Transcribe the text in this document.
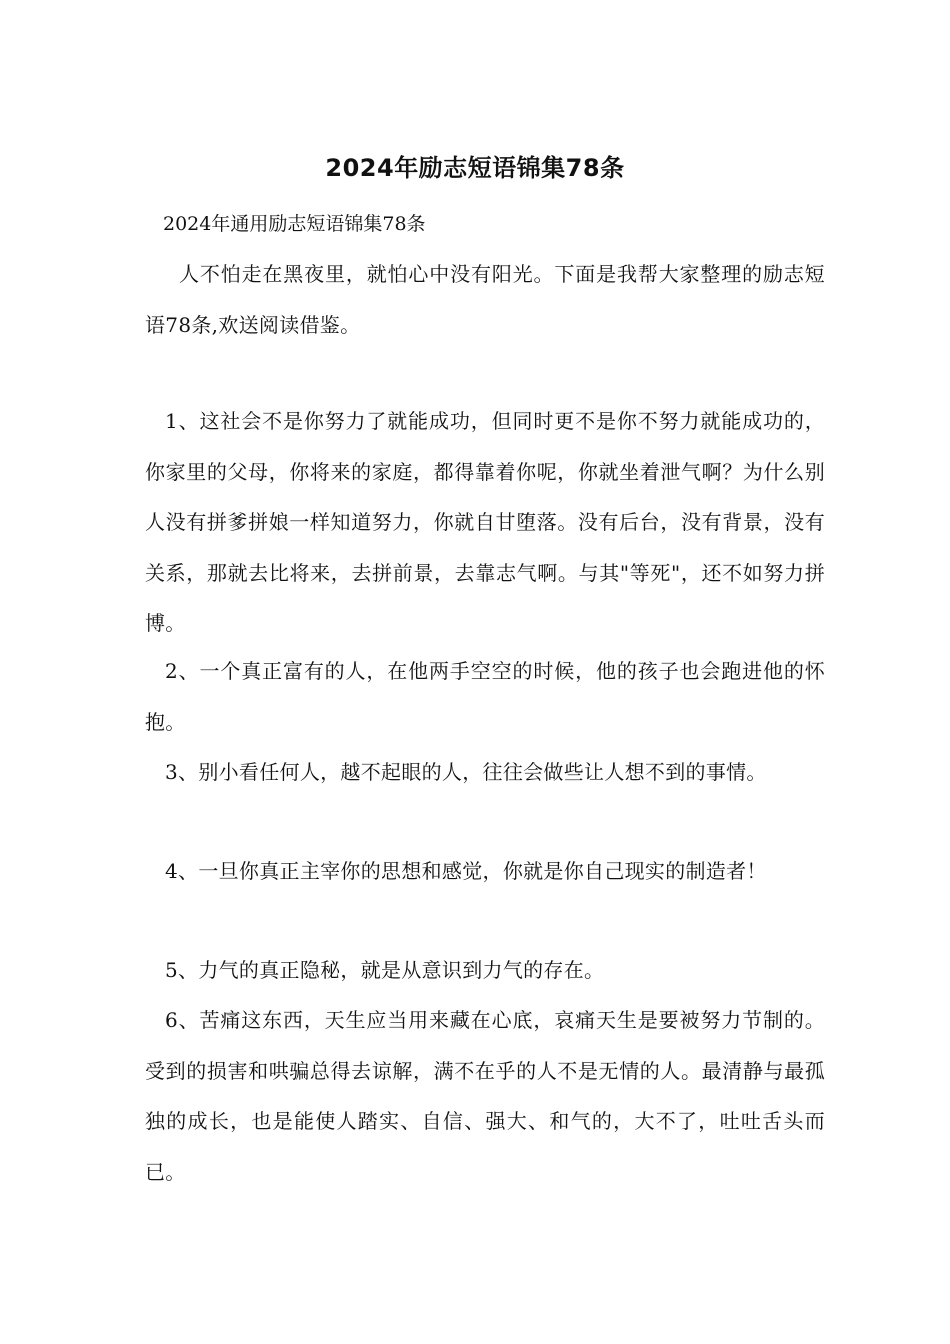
2024年励志短语锦集78条
2024年通用励志短语锦集78条
人不怕走在黑夜里，就怕心中没有阳光。下面是我帮大家整理的励志短语78条,欢送阅读借鉴。
1、这社会不是你努力了就能成功，但同时更不是你不努力就能成功的，你家里的父母，你将来的家庭，都得靠着你呢，你就坐着泄气啊？为什么别人没有拼爹拼娘一样知道努力，你就自甘堕落。没有后台，没有背景，没有关系，那就去比将来，去拼前景，去靠志气啊。与其"等死"，还不如努力拼博。
2、一个真正富有的人，在他两手空空的时候，他的孩子也会跑进他的怀抱。
3、别小看任何人，越不起眼的人，往往会做些让人想不到的事情。
4、一旦你真正主宰你的思想和感觉，你就是你自己现实的制造者！
5、力气的真正隐秘，就是从意识到力气的存在。
6、苦痛这东西，天生应当用来藏在心底，哀痛天生是要被努力节制的。受到的损害和哄骗总得去谅解，满不在乎的人不是无情的人。最清静与最孤独的成长，也是能使人踏实、自信、强大、和气的，大不了，吐吐舌头而已。
